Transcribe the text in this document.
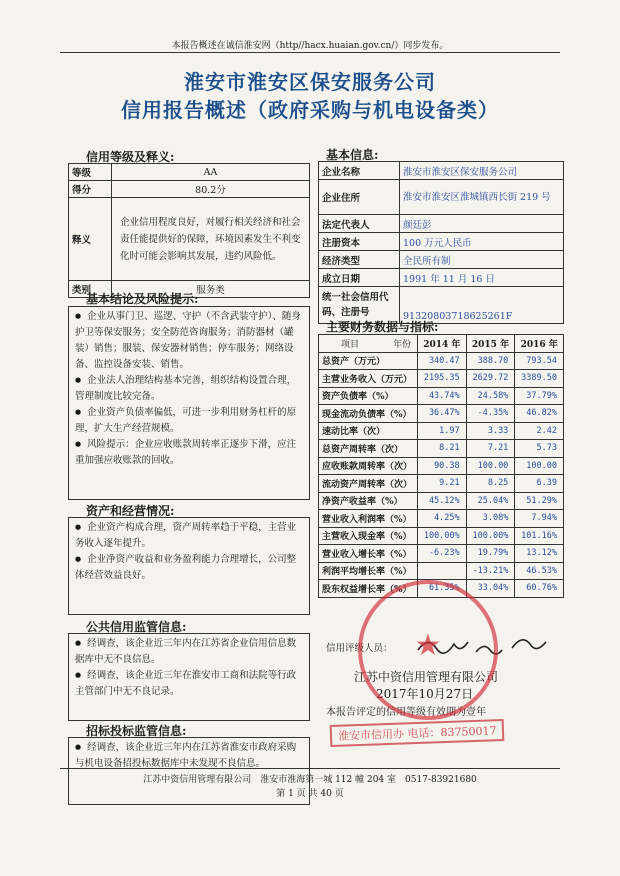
本报告概述在诚信淮安网（http//hacx.huaian.gov.cn/）同步发布。
淮安市淮安区保安服务公司
信用报告概述（政府采购与机电设备类）
信用等级及释义:
等级	AA
得分	80.2分
释义	企业信用程度良好，对履行相关经济和社会责任能提供好的保障，环境因素发生不利变化时可能会影响其发展，违约风险低。
类别	服务类
基本结论及风险提示:
● 企业从事门卫、巡逻、守护（不含武装守护）、随身护卫等保安服务；安全防范咨询服务；消防器材（罐装）销售；服装、保安器材销售；停车服务；网络设备、监控设备安装、销售。
● 企业法人治理结构基本完善，组织结构设置合理，管理制度比较完备。
● 企业资产负债率偏低，可进一步利用财务杠杆的原理，扩大生产经营规模。
● 风险提示：企业应收账款周转率正逐步下滑，应注重加强应收账款的回收。
资产和经营情况:
● 企业资产构成合理，资产周转率趋于平稳，主营业务收入逐年提升。
● 企业净资产收益和业务盈利能力合理增长，公司整体经营效益良好。
公共信用监管信息:
● 经调查，该企业近三年内在江苏省企业信用信息数据库中无不良信息。
● 经调查，该企业近三年在淮安市工商和法院等行政主管部门中无不良记录。
招标投标监管信息:
● 经调查，该企业近三年内在江苏省淮安市政府采购与机电设备招投标数据库中未发现不良信息。
基本信息:
企业名称	淮安市淮安区保安服务公司
企业住所	淮安市淮安区淮城镇西长街 219 号
法定代表人	颜廷彭
注册资本	100 万元人民币
经济类型	全民所有制
成立日期	1991 年 11 月 16 日
统一社会信用代码、注册号	91320803718625261F
主要财务数据与指标:
年份
项目	2014 年	2015 年	2016 年
总资产（万元）	340.47	388.70	793.54
主营业务收入（万元）	2195.35	2629.72	3389.50
资产负债率（%）	43.74%	24.58%	37.79%
现金流动负债率（%）	36.47%	-4.35%	46.82%
速动比率（次）	1.97	3.33	2.42
总资产周转率（次）	8.21	7.21	5.73
应收账款周转率（次）	90.38	100.00	100.00
流动资产周转率（次）	9.21	8.25	6.39
净资产收益率（%）	45.12%	25.04%	51.29%
营业收入利润率（%）	4.25%	3.08%	7.94%
主营收入现金率（%）	100.00%	100.00%	101.16%
营业收入增长率（%）	-6.23%	19.79%	13.12%
利润平均增长率（%）		-13.21%	46.53%
股东权益增长率（%）	61.35%	33.04%	60.76%
信用评级人员：
江苏中资信用管理有限公司
2017年10月27日
本报告评定的信用等级有效期为壹年
淮安市信用办 电话：83750017
★
江苏中资信用管理有限公司　淮安市淮海第一城 112 幢 204 室　0517-83921680
第 1 页 共 40 页
